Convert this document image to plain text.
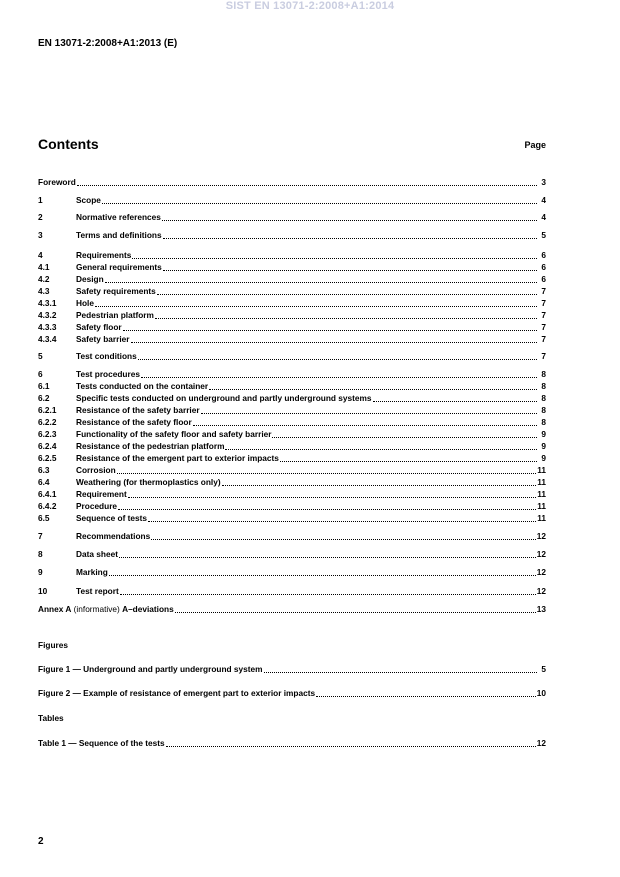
SIST EN 13071-2:2008+A1:2014
EN 13071-2:2008+A1:2013 (E)
Contents	Page
Foreword	3
1	Scope	4
2	Normative references	4
3	Terms and definitions	5
4	Requirements	6
4.1	General requirements	6
4.2	Design	6
4.3	Safety requirements	7
4.3.1	Hole	7
4.3.2	Pedestrian platform	7
4.3.3	Safety floor	7
4.3.4	Safety barrier	7
5	Test conditions	7
6	Test procedures	8
6.1	Tests conducted on the container	8
6.2	Specific tests conducted on underground and partly underground systems	8
6.2.1	Resistance of the safety barrier	8
6.2.2	Resistance of the safety floor	8
6.2.3	Functionality of the safety floor and safety barrier	9
6.2.4	Resistance of the pedestrian platform	9
6.2.5	Resistance of the emergent part to exterior impacts	9
6.3	Corrosion	11
6.4	Weathering (for thermoplastics only)	11
6.4.1	Requirement	11
6.4.2	Procedure	11
6.5	Sequence of tests	11
7	Recommendations	12
8	Data sheet	12
9	Marking	12
10	Test report	12
Annex A (informative) A–deviations	13
Figures
Figure 1 — Underground and partly underground system	5
Figure 2 — Example of resistance of emergent part to exterior impacts	10
Tables
Table 1 — Sequence of the tests	12
2
